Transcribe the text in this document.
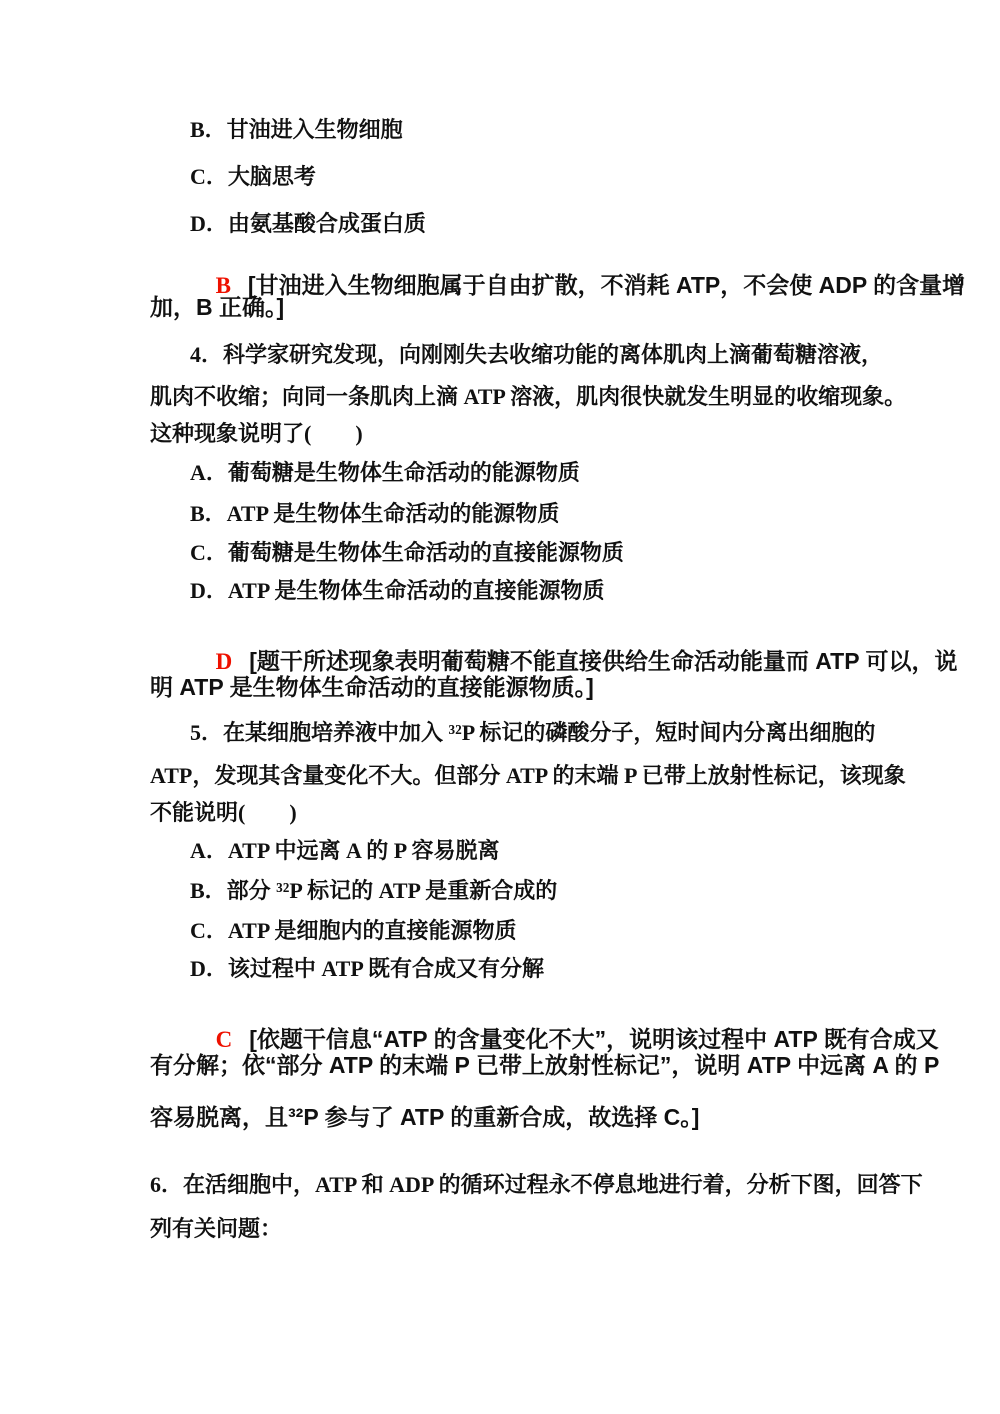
B．甘油进入生物细胞
C．大脑思考
D．由氨基酸合成蛋白质

B [甘油进入生物细胞属于自由扩散，不消耗 ATP，不会使 ADP 的含量增

加，B 正确。]
4．科学家研究发现，向刚刚失去收缩功能的离体肌肉上滴葡萄糖溶液，
肌肉不收缩；向同一条肌肉上滴 ATP 溶液，肌肉很快就发生明显的收缩现象。
这种现象说明了(　　)
A．葡萄糖是生物体生命活动的能源物质
B．ATP 是生物体生命活动的能源物质
C．葡萄糖是生物体生命活动的直接能源物质
D．ATP 是生物体生命活动的直接能源物质

D [题干所述现象表明葡萄糖不能直接供给生命活动能量而 ATP 可以，说

明 ATP 是生物体生命活动的直接能源物质。]
5．在某细胞培养液中加入 ³²P 标记的磷酸分子，短时间内分离出细胞的
ATP，发现其含量变化不大。但部分 ATP 的末端 P 已带上放射性标记，该现象
不能说明(　　)
A．ATP 中远离 A 的 P 容易脱离
B．部分 ³²P 标记的 ATP 是重新合成的
C．ATP 是细胞内的直接能源物质
D．该过程中 ATP 既有合成又有分解

C [依题干信息“ATP 的含量变化不大”，说明该过程中 ATP 既有合成又

有分解；依“部分 ATP 的末端 P 已带上放射性标记”，说明 ATP 中远离 A 的 P
容易脱离，且³²P 参与了 ATP 的重新合成，故选择 C。]
6．在活细胞中，ATP 和 ADP 的循环过程永不停息地进行着，分析下图，回答下
列有关问题：
